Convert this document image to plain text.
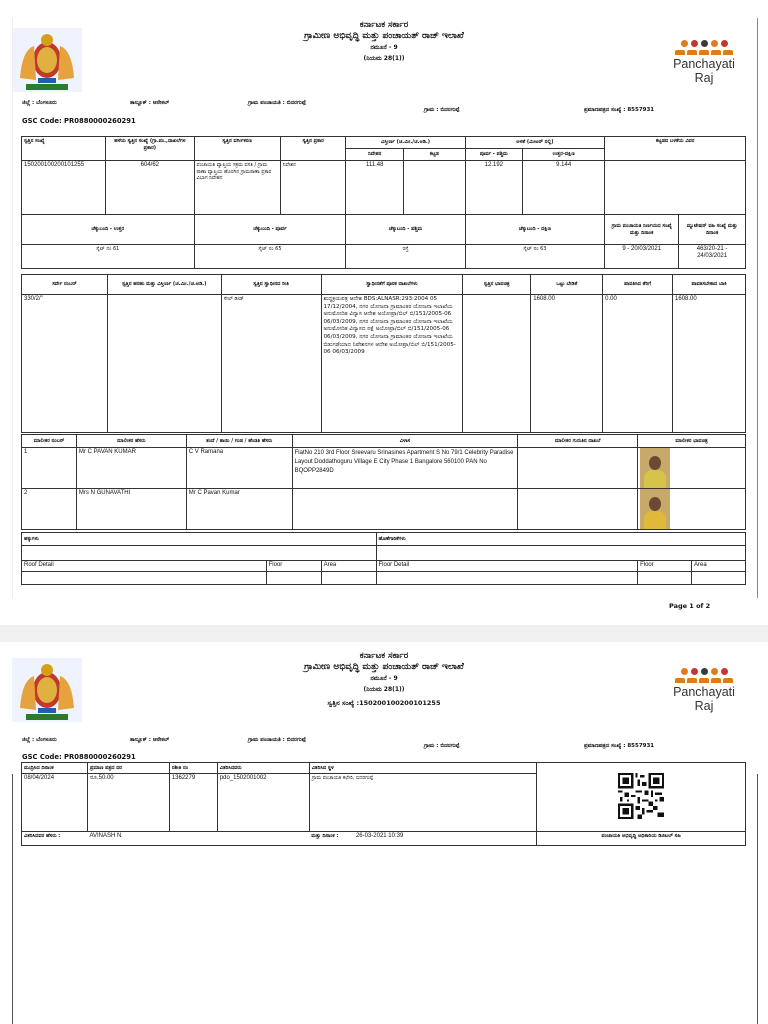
ಕರ್ನಾಟಕ ಸರ್ಕಾರ
ಗ್ರಾಮೀಣ ಅಭಿವೃದ್ಧಿ ಮತ್ತು ಪಂಚಾಯತ್ ರಾಜ್ ಇಲಾಖೆ
ನಮೂನೆ - 9
(ನಿಯಮ 28(1))	Panchayati Raj
ಜಿಲ್ಲೆ : ಬೆಂಗಳೂರು	ತಾಲ್ಲೂಕ್ : ಆನೇಕಲ್	ಗ್ರಾಮ ಪಂಚಾಯತಿ : ಬಿದರಗುಪ್ಪೆ
ಗ್ರಾಮ : ಬಿದರಗುಪ್ಪೆ	ಪ್ರಮಾಣಪತ್ರದ ಸಂಖ್ಯೆ : 8557931
GSC Code: PR0880000260291
ಸ್ವತ್ತಿನ ಸಂಖ್ಯೆ	ಹಳೆಯ ಸ್ವತ್ತಿನ ಸಂಖ್ಯೆ (ಗ್ರಾ.ಪಂ.,ದಾಖಲೆಗಳ ಪ್ರಕಾರ)	ಸ್ವತ್ತಿನ ವರ್ಗೀಕರಣ	ಸ್ವತ್ತಿನ ಪ್ರಕಾರ	ವಿಸ್ತೀರ್ಣ (ಚ.ಮೀ./ಚ.ಅಡಿ.)		ಅಳತೆ (ಮೀಟರ್ ನಲ್ಲಿ)		ಕಟ್ಟಡದ ಬಳಕೆಯ ವಿವರ	
				ನಿವೇಶನ	ಕಟ್ಟಡ	ಪೂರ್ವ - ಪಶ್ಚಿಮ	ಉತ್ತರ-ದಕ್ಷಿಣ		
150200100200101255	604/62	ಪಂಚಾಯತಿ ವ್ಯಾಪ್ತಿಯ ಸಕ್ರಮ ವಸತಿ / ಗ್ರಾಮ ಠಾಣಾ ವ್ಯಾಪ್ತಿಯ ಹೊರಗಿನ ಗ್ರಾಮಠಾಣಾ ಪ್ರಕಾರ ವಿಭಾಗ ನಿವೇಶನ	ನಿವೇಶನ	111.48		12.192	9.144		
ಚೆಕ್ಕುಬಂದಿ - ಉತ್ತರ		ಚೆಕ್ಕುಬಂದಿ - ಪೂರ್ವ		ಚೆಕ್ಕುಬಂದಿ - ಪಶ್ಚಿಮ		ಚೆಕ್ಕುಬಂದಿ - ದಕ್ಷಿಣ		ಗ್ರಾಮ ಪಂಚಾಯತಿ ನಿರ್ಣಯದ ಸಂಖ್ಯೆ ಮತ್ತು ದಿನಾಂಕ	ಮ್ಯುಟೇಷನ್ ವಹಿ ಸಂಖ್ಯೆ ಮತ್ತು ದಿನಾಂಕ
ಸೈಟ್ ನಂ 61		ಸೈಟ್ ನಂ 65		ರಸ್ತೆ		ಸೈಟ್ ನಂ 63		9 - 20/03/2021	463/20-21 - 24/03/2021
ಸರ್ವೇ ನಂಬರ್	ಸ್ವತ್ತಿನ ಹರಹು ಮತ್ತು ವಿಸ್ತೀರ್ಣ (ಚ.ಮೀ./ಚ.ಅಡಿ.)	ಸ್ವತ್ತಿನ ಸ್ವಾಧೀನದ ರೀತಿ	ಸ್ವಾಧೀನತೆಗೆ ಪೂರಕ ದಾಖಲೆಗಳು	ಸ್ವತ್ತಿನ ಭಾವಚಿತ್ರ	ಒಟ್ಟು ಬೇಡಿಕೆ	ಪಾವತಿಸಿದ ತೆರಿಗೆ	ಪಾವತಿಸಬೇಕಾದ ಬಾಕಿ
330/2/"		ಸೇಲ್ ಡೀಡ್	ಶುದ್ಧಕ್ರಯಪತ್ರ ಆದೇಶ BDS:ALNASR:293:2004 05 17/12/2004, ನಗರ ಯೋಜನಾ ಗ್ರಾಮಾಂತರ ಯೋಜನಾ ಇಲಾಖೆಯ ಅನುಮೋದಿತ ವಿನ್ಯಾಸ ಆದೇಶ ಅಯೋಪ್ರಾ/ಬಿಲ್ ಬಿ/151/2005-06 06/03/2009, ನಗರ ಯೋಜನಾ ಗ್ರಾಮಾಂತರ ಯೋಜನಾ ಇಲಾಖೆಯ ಅನುಮೋದಿತ ವಿನ್ಯಾಸದ ನಕ್ಷೆ ಅಯೋಪ್ರಾ/ಬಿಲ್ ಬಿ/151/2005-06 06/03/2009, ನಗರ ಯೋಜನಾ ಗ್ರಾಮಾಂತರ ಯೋಜನಾ ಇಲಾಖೆಯ ಬಿಡುಗಡೆಯಾದ ನಿವೇಶನಗಳ ಆದೇಶ ಅಯೋಪ್ರಾ/ಬಿಲ್ ಬಿ/151/2005-06 06/03/2009		1608.00	0.00	1608.00
ಮಾಲೀಕರ ನಂಬರ್	ಮಾಲೀಕರ ಹೆಸರು	ತಂದೆ / ತಾಯಿ / ಗಂಡ / ಹೆಂಡತಿ ಹೆಸರು	ವಿಳಾಸ	ಮಾಲೀಕರ ಗುರುತಿನ ದಾಖಲೆ	ಮಾಲೀಕರ ಭಾವಚಿತ್ರ
1	Mr C PAVAN KUMAR	C V Ramana	FlatNo 210 3rd Floor Sreevaru Srinasines Apartment S No 79/1 Celebrity Paradise Layout Doddathoguru Village E City Phase 1 Bangalore 560100 PAN No BQOPP2849D		

2	Mrs N GUNAVATHI	Mr C Pavan Kumar			
ಹಕ್ಕುಗಳು			ಹೊಣೆಗಾರಿಕೆಗಳು		

Roof Detail	Floor	Area	Floor Detail	Floor	Area

Page 1 of 2
ಕರ್ನಾಟಕ ಸರ್ಕಾರ
ಗ್ರಾಮೀಣ ಅಭಿವೃದ್ಧಿ ಮತ್ತು ಪಂಚಾಯತ್ ರಾಜ್ ಇಲಾಖೆ
ನಮೂನೆ - 9
(ನಿಯಮ 28(1))
ಸ್ವತ್ತಿನ ಸಂಖ್ಯೆ :150200100200101255
Panchayati Raj
ಜಿಲ್ಲೆ : ಬೆಂಗಳೂರು	ತಾಲ್ಲೂಕ್ : ಆನೇಕಲ್	ಗ್ರಾಮ ಪಂಚಾಯತಿ : ಬಿದರಗುಪ್ಪೆ
ಗ್ರಾಮ : ಬಿದರಗುಪ್ಪೆ	ಪ್ರಮಾಣಪತ್ರದ ಸಂಖ್ಯೆ : 8557931
GSC Code: PR0880000260291
ಮುದ್ರಿಸಿದ ದಿನಾಂಕ	ಪ್ರಮಾಣ ಪತ್ರದ ದರ	ರಶೀತಿ ನಂ	ವಿತರಿಸಿದವರು	ವಿತರಿಸಿದ ಸ್ಥಳ	
08/04/2024	ರೂ.50.00	1362279	pdo_1502001002	ಗ್ರಾಮ ಪಂಚಾಯತಿ ಕಛೇರಿ, ಬಿದರಗುಪ್ಪೆ	
ವಿತರಿಸಿದವರ ಹೆಸರು :	AVINASH N			ಮತ್ತು ದಿನಾಂಕ : 26-03-2021 10:39	ಪಂಚಾಯತಿ ಅಭಿವೃದ್ಧಿ ಅಧಿಕಾರಿಯ ಡಿಜಿಟಲ್ ಸಹಿ
